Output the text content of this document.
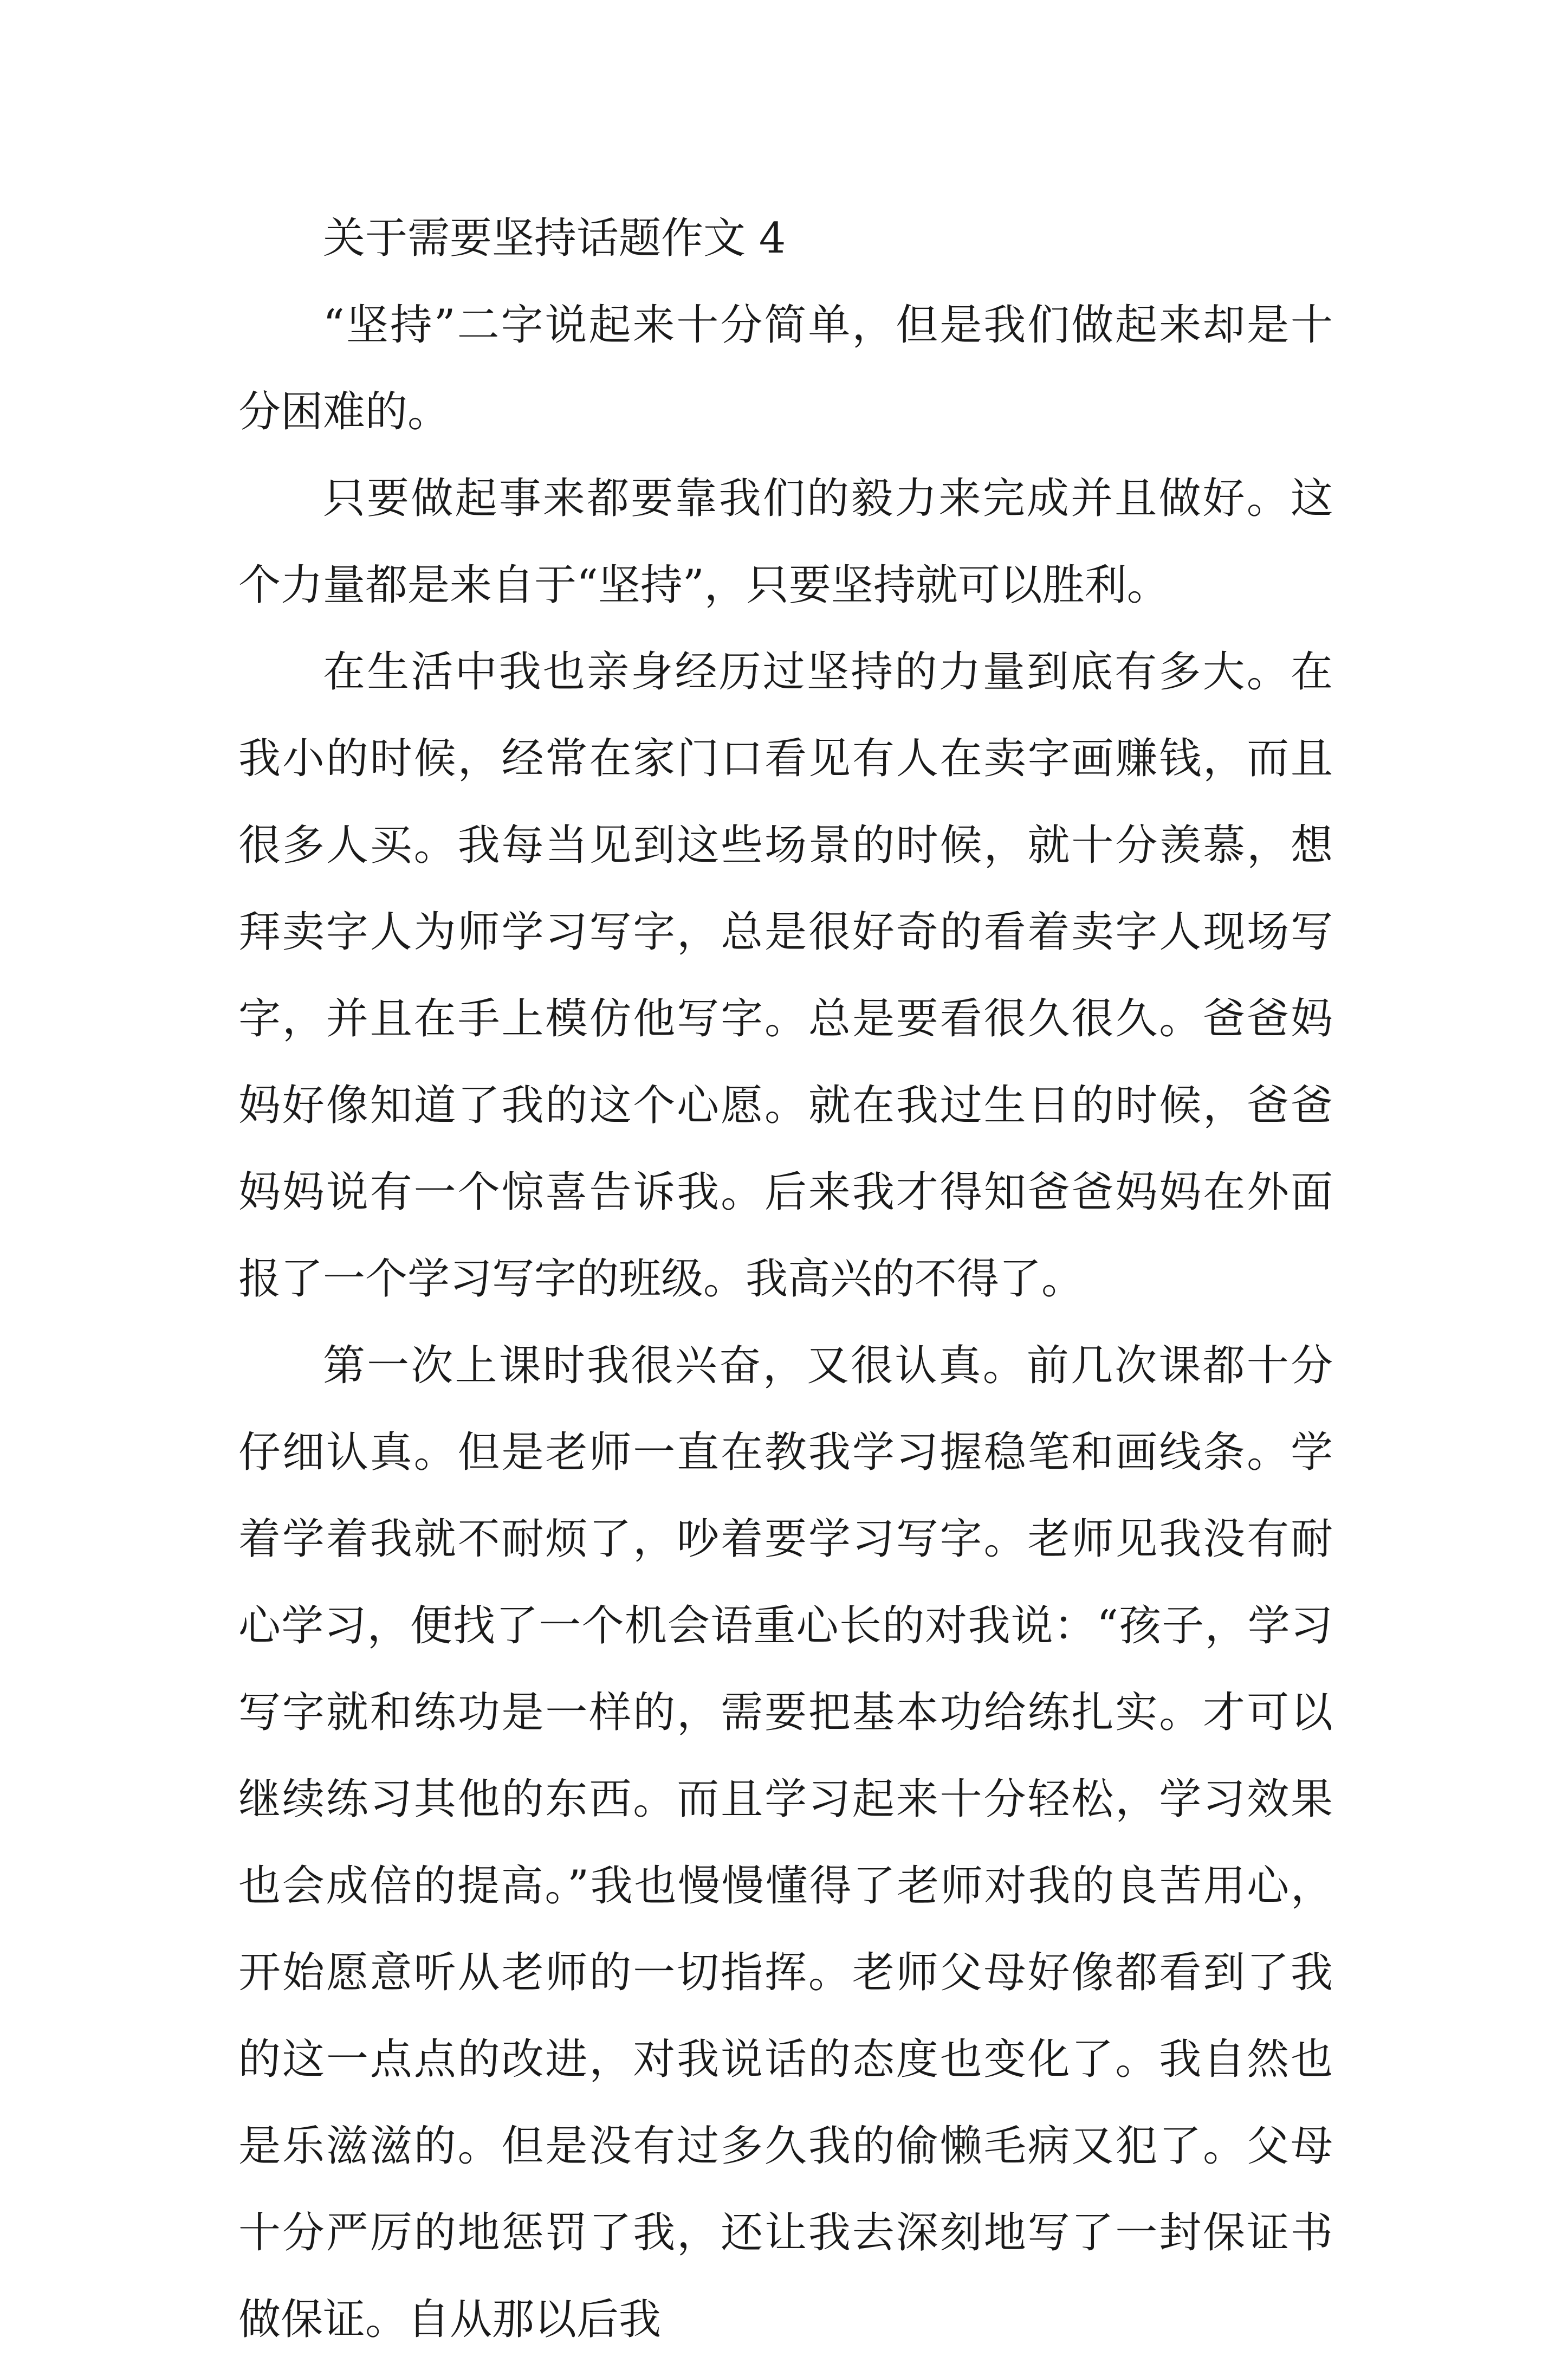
关于需要坚持话题作文 4

“坚持”二字说起来十分简单，但是我们做起来却是十分困难的。

只要做起事来都要靠我们的毅力来完成并且做好。这个力量都是来自于“坚持”，只要坚持就可以胜利。

在生活中我也亲身经历过坚持的力量到底有多大。在我小的时候，经常在家门口看见有人在卖字画赚钱，而且很多人买。我每当见到这些场景的时候，就十分羡慕，想拜卖字人为师学习写字，总是很好奇的看着卖字人现场写字，并且在手上模仿他写字。总是要看很久很久。爸爸妈妈好像知道了我的这个心愿。就在我过生日的时候，爸爸妈妈说有一个惊喜告诉我。后来我才得知爸爸妈妈在外面报了一个学习写字的班级。我高兴的不得了。

第一次上课时我很兴奋，又很认真。前几次课都十分仔细认真。但是老师一直在教我学习握稳笔和画线条。学着学着我就不耐烦了，吵着要学习写字。老师见我没有耐心学习，便找了一个机会语重心长的对我说：“孩子，学习写字就和练功是一样的，需要把基本功给练扎实。才可以继续练习其他的东西。而且学习起来十分轻松，学习效果也会成倍的提高。”我也慢慢懂得了老师对我的良苦用心，开始愿意听从老师的一切指挥。老师父母好像都看到了我的这一点点的改进，对我说话的态度也变化了。我自然也是乐滋滋的。但是没有过多久我的偷懒毛病又犯了。父母十分严厉的地惩罚了我，还让我去深刻地写了一封保证书做保证。自从那以后我
